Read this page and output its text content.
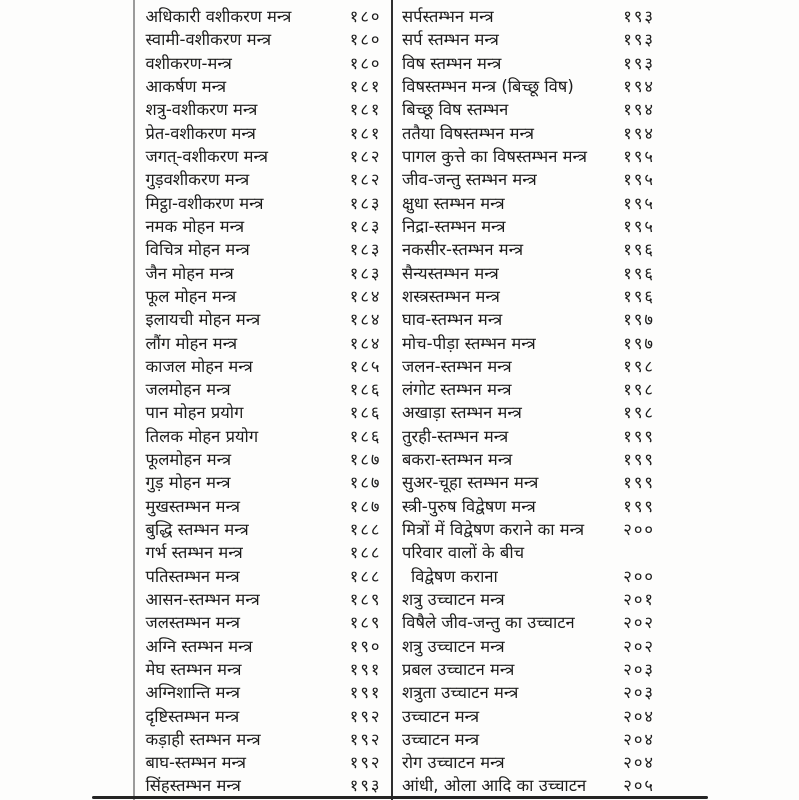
अधिकारी वशीकरण मन्त्र	१८०
स्वामी-वशीकरण मन्त्र	१८०
वशीकरण-मन्त्र	१८०
आकर्षण मन्त्र	१८१
शत्रु-वशीकरण मन्त्र	१८१
प्रेत-वशीकरण मन्त्र	१८१
जगत्-वशीकरण मन्त्र	१८२
गुड़वशीकरण मन्त्र	१८२
मिट्ठा-वशीकरण मन्त्र	१८३
नमक मोहन मन्त्र	१८३
विचित्र मोहन मन्त्र	१८३
जैन मोहन मन्त्र	१८३
फूल मोहन मन्त्र	१८४
इलायची मोहन मन्त्र	१८४
लौंग मोहन मन्त्र	१८४
काजल मोहन मन्त्र	१८५
जलमोहन मन्त्र	१८६
पान मोहन प्रयोग	१८६
तिलक मोहन प्रयोग	१८६
फूलमोहन मन्त्र	१८७
गुड़ मोहन मन्त्र	१८७
मुखस्तम्भन मन्त्र	१८७
बुद्धि स्तम्भन मन्त्र	१८८
गर्भ स्तम्भन मन्त्र	१८८
पतिस्तम्भन मन्त्र	१८८
आसन-स्तम्भन मन्त्र	१८९
जलस्तम्भन मन्त्र	१८९
अग्नि स्तम्भन मन्त्र	१९०
मेघ स्तम्भन मन्त्र	१९१
अग्निशान्ति मन्त्र	१९१
दृष्टिस्तम्भन मन्त्र	१९२
कड़ाही स्तम्भन मन्त्र	१९२
बाघ-स्तम्भन मन्त्र	१९२
सिंहस्तम्भन मन्त्र	१९३
सर्पस्तम्भन मन्त्र	१९३
सर्प स्तम्भन मन्त्र	१९३
विष स्तम्भन मन्त्र	१९३
विषस्तम्भन मन्त्र (बिच्छू विष)	१९४
बिच्छू विष स्तम्भन	१९४
ततैया विषस्तम्भन मन्त्र	१९४
पागल कुत्ते का विषस्तम्भन मन्त्र	१९५
जीव-जन्तु स्तम्भन मन्त्र	१९५
क्षुधा स्तम्भन मन्त्र	१९५
निद्रा-स्तम्भन मन्त्र	१९५
नकसीर-स्तम्भन मन्त्र	१९६
सैन्यस्तम्भन मन्त्र	१९६
शस्त्रस्तम्भन मन्त्र	१९६
घाव-स्तम्भन मन्त्र	१९७
मोच-पीड़ा स्तम्भन मन्त्र	१९७
जलन-स्तम्भन मन्त्र	१९८
लंगोट स्तम्भन मन्त्र	१९८
अखाड़ा स्तम्भन मन्त्र	१९८
तुरही-स्तम्भन मन्त्र	१९९
बकरा-स्तम्भन मन्त्र	१९९
सुअर-चूहा स्तम्भन मन्त्र	१९९
स्त्री-पुरुष विद्वेषण मन्त्र	१९९
मित्रों में विद्वेषण कराने का मन्त्र	२००
परिवार वालों के बीच
विद्वेषण कराना	२००
शत्रु उच्चाटन मन्त्र	२०१
विषैले जीव-जन्तु का उच्चाटन	२०२
शत्रु उच्चाटन मन्त्र	२०२
प्रबल उच्चाटन मन्त्र	२०३
शत्रुता उच्चाटन मन्त्र	२०३
उच्चाटन मन्त्र	२०४
उच्चाटन मन्त्र	२०४
रोग उच्चाटन मन्त्र	२०४
आंधी, ओला आदि का उच्चाटन	२०५
